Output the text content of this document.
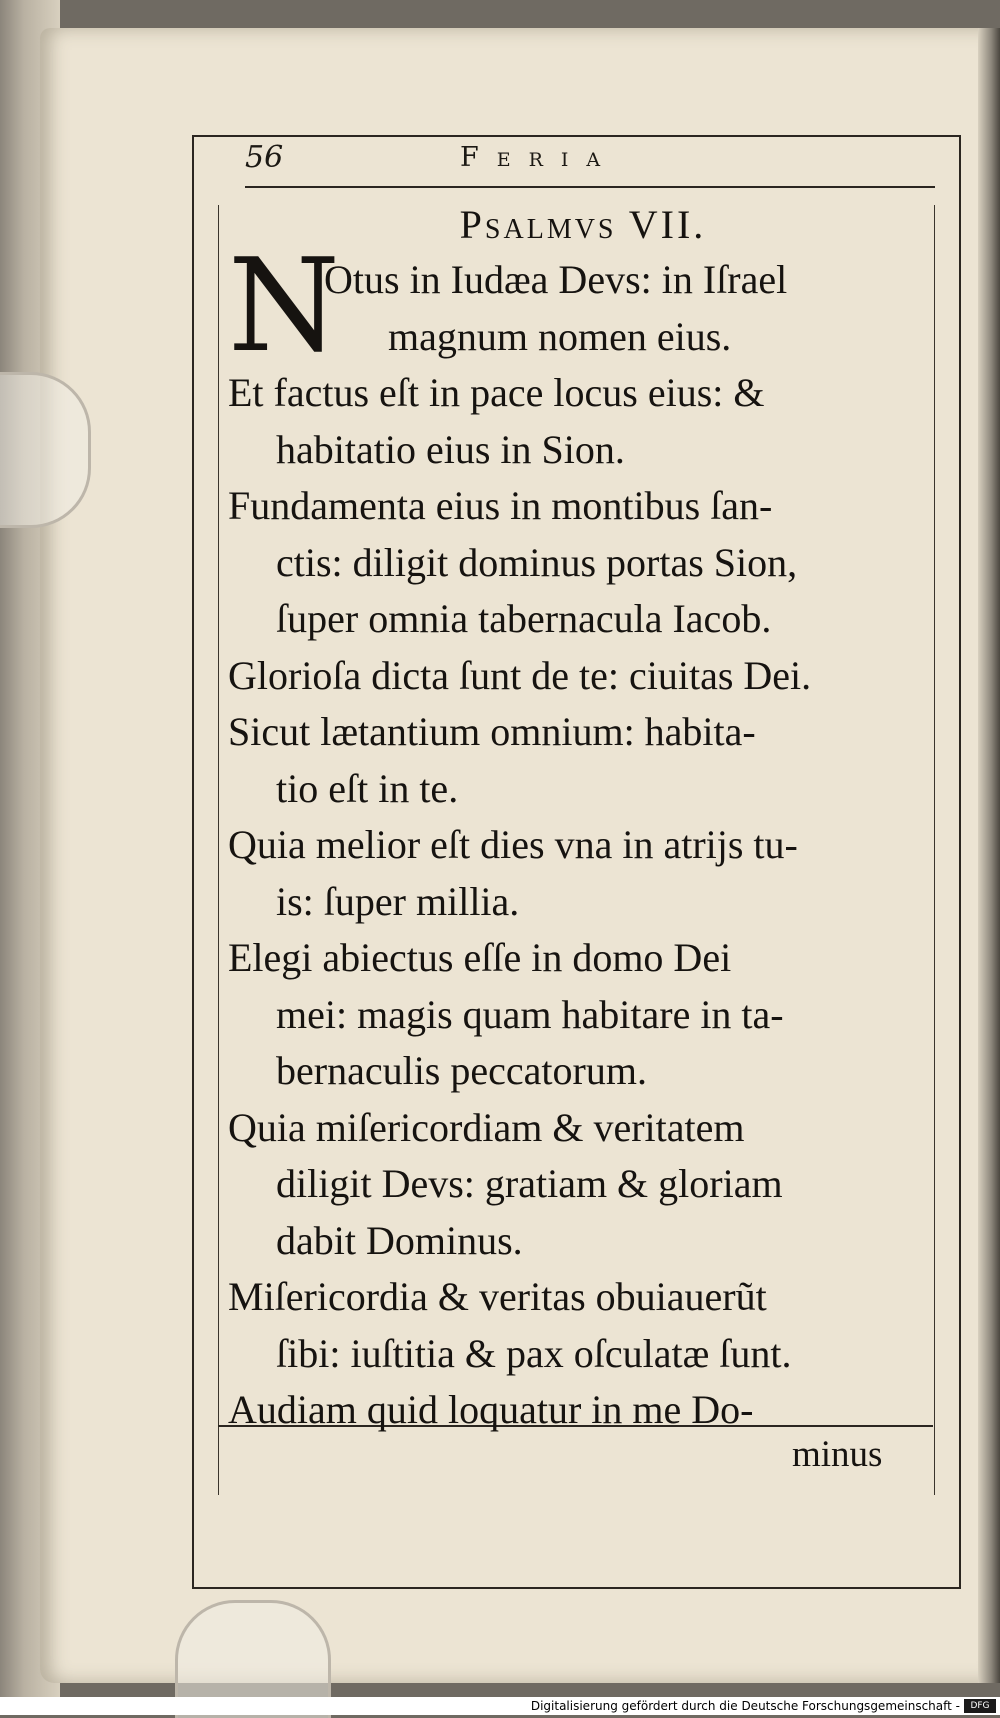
56	Feria

Psalmvs VII.

N

Otus in Iudæa Devs: in Iſrael

magnum nomen eius.

Et factus eſt in pace locus eius: &

habitatio eius in Sion.

Fundamenta eius in montibus ſan-

ctis: diligit dominus portas Sion,

ſuper omnia tabernacula Iacob.

Glorioſa dicta ſunt de te: ciuitas Dei.

Sicut lætantium omnium: habita-

tio eſt in te.

Quia melior eſt dies vna in atrijs tu-

is: ſuper millia.

Elegi abiectus eſſe in domo Dei

mei: magis quam habitare in ta-

bernaculis peccatorum.

Quia miſericordiam & veritatem

diligit Devs: gratiam & gloriam

dabit Dominus.

Miſericordia & veritas obuiauerũt

ſibi: iuſtitia & pax oſculatæ ſunt.

Audiam quid loquatur in me Do-

minus
Digitalisierung gefördert durch die Deutsche Forschungsgemeinschaft -	DFG
